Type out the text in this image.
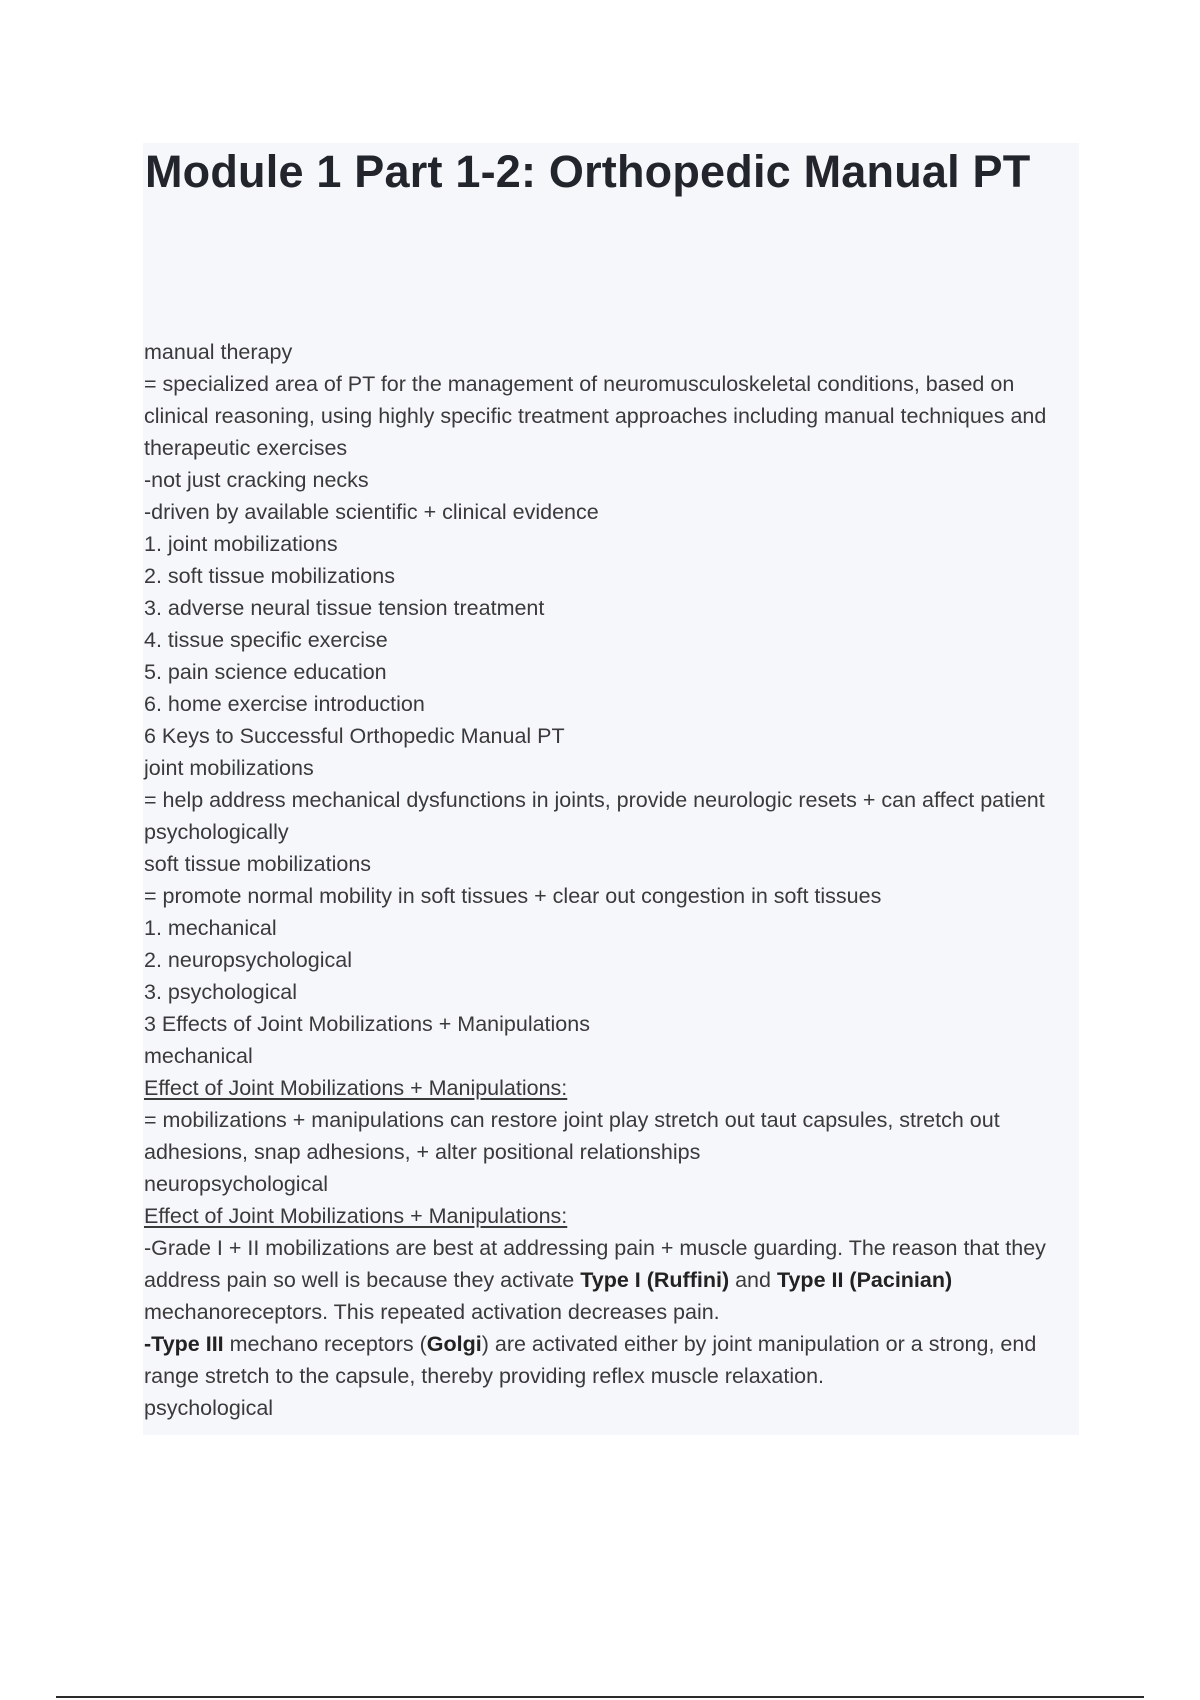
Module 1 Part 1-2: Orthopedic Manual PT
manual therapy
= specialized area of PT for the management of neuromusculoskeletal conditions, based on clinical reasoning, using highly specific treatment approaches including manual techniques and therapeutic exercises
-not just cracking necks
-driven by available scientific + clinical evidence
1. joint mobilizations
2. soft tissue mobilizations
3. adverse neural tissue tension treatment
4. tissue specific exercise
5. pain science education
6. home exercise introduction
6 Keys to Successful Orthopedic Manual PT
joint mobilizations
= help address mechanical dysfunctions in joints, provide neurologic resets + can affect patient psychologically
soft tissue mobilizations
= promote normal mobility in soft tissues + clear out congestion in soft tissues
1. mechanical
2. neuropsychological
3. psychological
3 Effects of Joint Mobilizations + Manipulations
mechanical
Effect of Joint Mobilizations + Manipulations:
= mobilizations + manipulations can restore joint play stretch out taut capsules, stretch out adhesions, snap adhesions, + alter positional relationships
neuropsychological
Effect of Joint Mobilizations + Manipulations:
-Grade I + II mobilizations are best at addressing pain + muscle guarding. The reason that they address pain so well is because they activate Type I (Ruffini) and Type II (Pacinian) mechanoreceptors. This repeated activation decreases pain.
-Type III mechano receptors (Golgi) are activated either by joint manipulation or a strong, end range stretch to the capsule, thereby providing reflex muscle relaxation.
psychological
